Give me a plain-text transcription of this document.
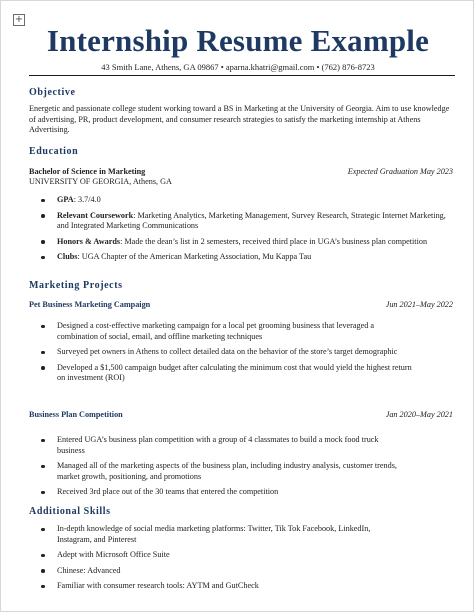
+
Internship Resume Example
43 Smith Lane, Athens, GA 09867 • aparna.khatri@gmail.com • (762) 876-8723
Objective
Energetic and passionate college student working toward a BS in Marketing at the University of Georgia. Aim to use knowledge of advertising, PR, product development, and consumer research strategies to satisfy the marketing internship at Athens Advertising.
Education
Bachelor of Science in Marketing	Expected Graduation May 2023
UNIVERSITY OF GEORGIA, Athens, GA
GPA: 3.7/4.0
Relevant Coursework: Marketing Analytics, Marketing Management, Survey Research, Strategic Internet Marketing, and Integrated Marketing Communications
Honors & Awards: Made the dean’s list in 2 semesters, received third place in UGA’s business plan competition
Clubs: UGA Chapter of the American Marketing Association, Mu Kappa Tau
Marketing Projects
Pet Business Marketing Campaign	Jun 2021–May 2022
Designed a cost-effective marketing campaign for a local pet grooming business that leveraged a combination of social, email, and offline marketing techniques
Surveyed pet owners in Athens to collect detailed data on the behavior of the store’s target demographic
Developed a $1,500 campaign budget after calculating the minimum cost that would yield the highest return on investment (ROI)
Business Plan Competition	Jan 2020–May 2021
Entered UGA’s business plan competition with a group of 4 classmates to build a mock food truck business
Managed all of the marketing aspects of the business plan, including industry analysis, customer trends, market growth, positioning, and promotions
Received 3rd place out of the 30 teams that entered the competition
Additional Skills
In-depth knowledge of social media marketing platforms: Twitter, Tik Tok Facebook, LinkedIn, Instagram, and Pinterest
Adept with Microsoft Office Suite
Chinese: Advanced
Familiar with consumer research tools: AYTM and GutCheck
